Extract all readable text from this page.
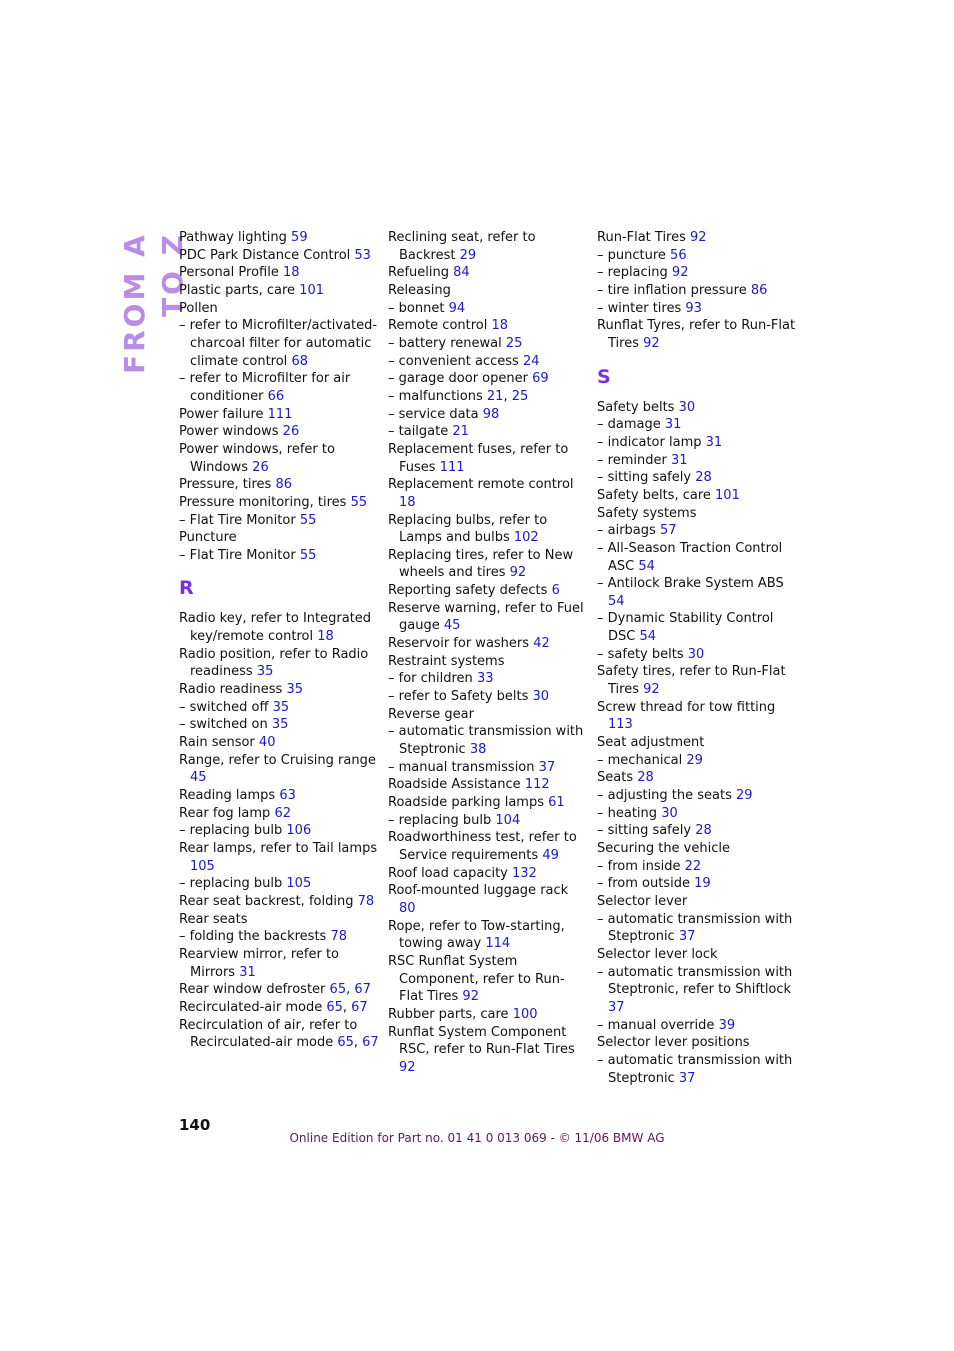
FROM A TO Z
Pathway lighting 59
PDC Park Distance Control 53
Personal Profile 18
Plastic parts, care 101
Pollen
– refer to Microfilter/activated-charcoal filter for automatic climate control 68
– refer to Microfilter for air conditioner 66
Power failure 111
Power windows 26
Power windows, refer to Windows 26
Pressure, tires 86
Pressure monitoring, tires 55
– Flat Tire Monitor 55
Puncture
– Flat Tire Monitor 55
R
Radio key, refer to Integrated key/remote control 18
Radio position, refer to Radio readiness 35
Radio readiness 35
– switched off 35
– switched on 35
Rain sensor 40
Range, refer to Cruising range 45
Reading lamps 63
Rear fog lamp 62
– replacing bulb 106
Rear lamps, refer to Tail lamps 105
– replacing bulb 105
Rear seat backrest, folding 78
Rear seats
– folding the backrests 78
Rearview mirror, refer to Mirrors 31
Rear window defroster 65, 67
Recirculated-air mode 65, 67
Recirculation of air, refer to Recirculated-air mode 65, 67
Reclining seat, refer to Backrest 29
Refueling 84
Releasing
– bonnet 94
Remote control 18
– battery renewal 25
– convenient access 24
– garage door opener 69
– malfunctions 21, 25
– service data 98
– tailgate 21
Replacement fuses, refer to Fuses 111
Replacement remote control 18
Replacing bulbs, refer to Lamps and bulbs 102
Replacing tires, refer to New wheels and tires 92
Reporting safety defects 6
Reserve warning, refer to Fuel gauge 45
Reservoir for washers 42
Restraint systems
– for children 33
– refer to Safety belts 30
Reverse gear
– automatic transmission with Steptronic 38
– manual transmission 37
Roadside Assistance 112
Roadside parking lamps 61
– replacing bulb 104
Roadworthiness test, refer to Service requirements 49
Roof load capacity 132
Roof-mounted luggage rack 80
Rope, refer to Tow-starting, towing away 114
RSC Runflat System Component, refer to Run-Flat Tires 92
Rubber parts, care 100
Runflat System Component RSC, refer to Run-Flat Tires 92
Run-Flat Tires 92
– puncture 56
– replacing 92
– tire inflation pressure 86
– winter tires 93
Runflat Tyres, refer to Run-Flat Tires 92
S
Safety belts 30
– damage 31
– indicator lamp 31
– reminder 31
– sitting safely 28
Safety belts, care 101
Safety systems
– airbags 57
– All-Season Traction Control ASC 54
– Antilock Brake System ABS 54
– Dynamic Stability Control DSC 54
– safety belts 30
Safety tires, refer to Run-Flat Tires 92
Screw thread for tow fitting 113
Seat adjustment
– mechanical 29
Seats 28
– adjusting the seats 29
– heating 30
– sitting safely 28
Securing the vehicle
– from inside 22
– from outside 19
Selector lever
– automatic transmission with Steptronic 37
Selector lever lock
– automatic transmission with Steptronic, refer to Shiftlock 37
– manual override 39
Selector lever positions
– automatic transmission with Steptronic 37
140
Online Edition for Part no. 01 41 0 013 069 - © 11/06 BMW AG
